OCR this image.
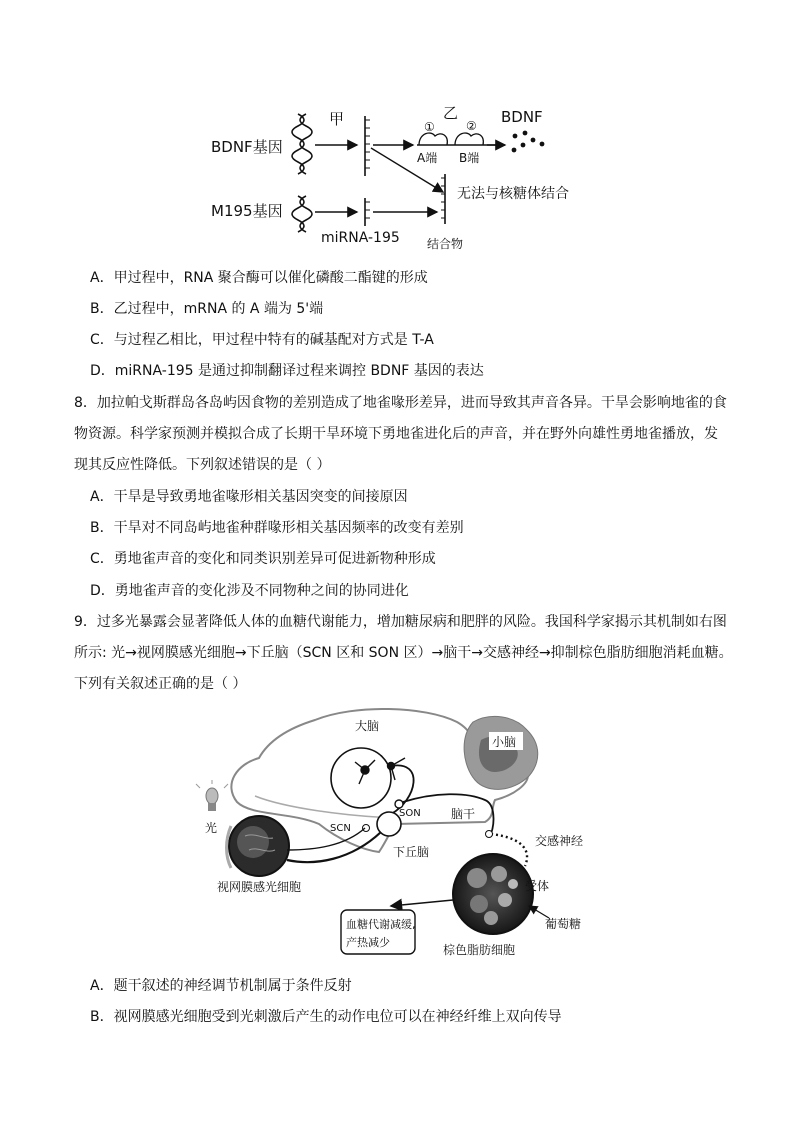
BDNF基因
甲	乙
①	②
A端 B端
BDNF
无法与核糖体结合
M195基因
miRNA-195 结合物
A．甲过程中，RNA 聚合酶可以催化磷酸二酯键的形成
B．乙过程中，mRNA 的 A 端为 5'端
C．与过程乙相比，甲过程中特有的碱基配对方式是 T-A
D．miRNA-195 是通过抑制翻译过程来调控 BDNF 基因的表达
8．加拉帕戈斯群岛各岛屿因食物的差别造成了地雀喙形差异，进而导致其声音各异。干旱会影响地雀的食
物资源。科学家预测并模拟合成了长期干旱环境下勇地雀进化后的声音，并在野外向雄性勇地雀播放，发
现其反应性降低。下列叙述错误的是（ ）
A．干旱是导致勇地雀喙形相关基因突变的间接原因
B．干旱对不同岛屿地雀种群喙形相关基因频率的改变有差别
C．勇地雀声音的变化和同类识别差异可促进新物种形成
D．勇地雀声音的变化涉及不同物种之间的协同进化
9．过多光暴露会显著降低人体的血糖代谢能力，增加糖尿病和肥胖的风险。我国科学家揭示其机制如右图
所示: 光→视网膜感光细胞→下丘脑（SCN 区和 SON 区）→脑干→交感神经→抑制棕色脂肪细胞消耗血糖。
下列有关叙述正确的是（ ）
大脑
小脑
SON	脑干
SCN
下丘脑
交感神经
光
视网膜感光细胞	受体
葡萄糖
血糖代谢减缓,
产热减少
棕色脂肪细胞
A．题干叙述的神经调节机制属于条件反射
B．视网膜感光细胞受到光刺激后产生的动作电位可以在神经纤维上双向传导
